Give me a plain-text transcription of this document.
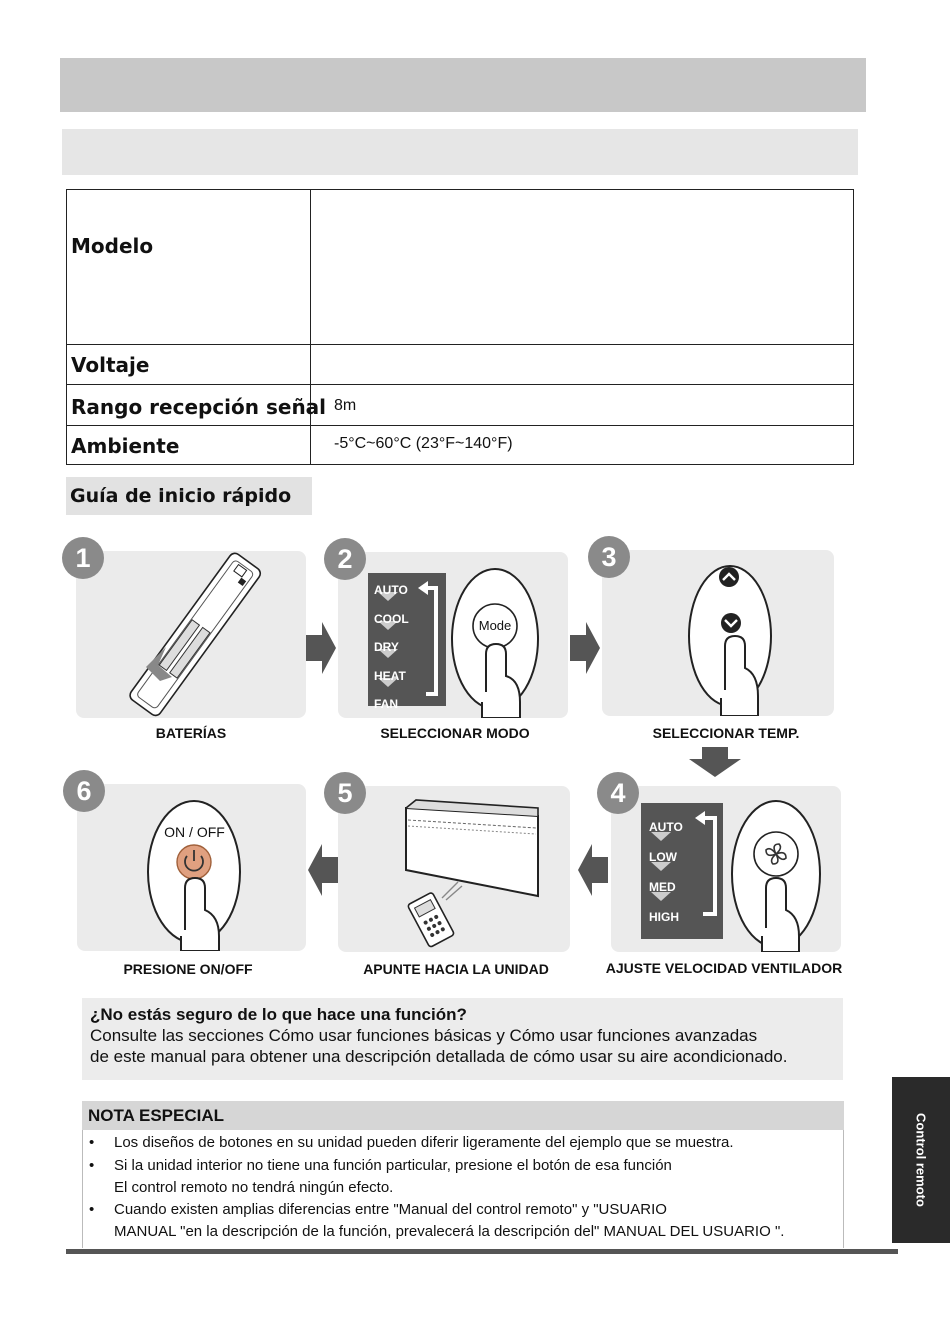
Modelo
Voltaje
Rango recepción señal 8m
Ambiente	-5°C~60°C (23°F~140°F)
Guía de inicio rápido
1
BATERÍAS
AUTO
COOL
DRY
HEAT
FAN
Mode
2
SELECCIONAR MODO
3
SELECCIONAR TEMP.
AUTO
LOW
MED
HIGH
4
AJUSTE VELOCIDAD VENTILADOR
5
APUNTE HACIA LA UNIDAD
ON / OFF
6
PRESIONE ON/OFF
¿No estás seguro de lo que hace una función?
Consulte las secciones Cómo usar funciones básicas y Cómo usar funciones avanzadas
de este manual para obtener una descripción detallada de cómo usar su aire acondicionado.
NOTA ESPECIAL
• Los diseños de botones en su unidad pueden diferir ligeramente del ejemplo que se muestra.
• Si la unidad interior no tiene una función particular, presione el botón de esa función
El control remoto no tendrá ningún efecto.
• Cuando existen amplias diferencias entre "Manual del control remoto" y "USUARIO
MANUAL "en la descripción de la función, prevalecerá la descripción del" MANUAL DEL USUARIO ".
Control remoto
